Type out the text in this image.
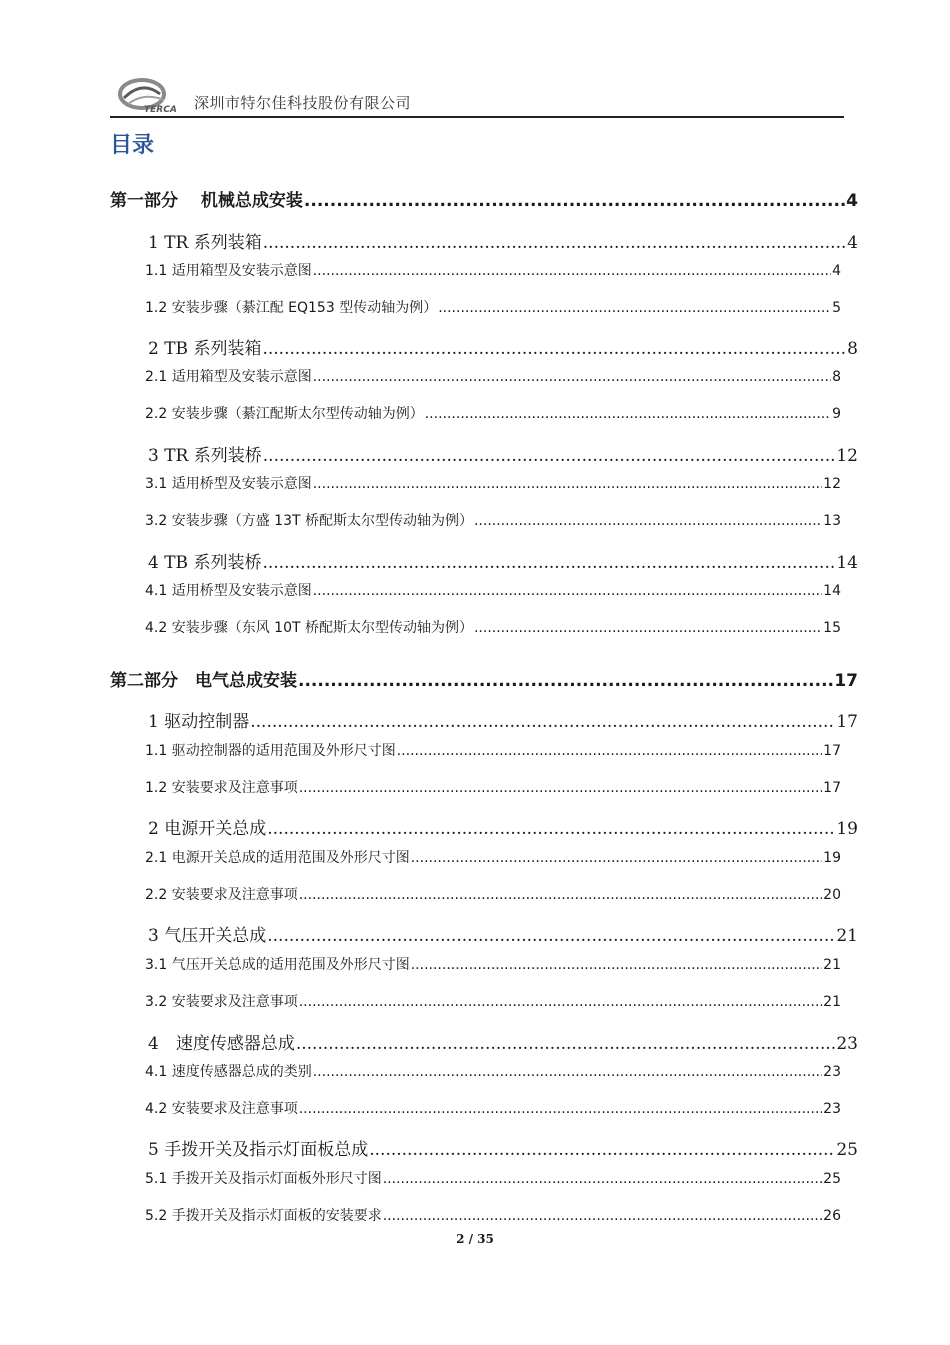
TERCA 深圳市特尔佳科技股份有限公司
目录
第一部分　 机械总成安装 .....	4
1 TR 系列装箱 .....	4
1.1 适用箱型及安装示意图 .....	4
1.2 安装步骤（綦江配 EQ153 型传动轴为例） .....	5
2 TB 系列装箱 .....	8
2.1 适用箱型及安装示意图 .....	8
2.2 安装步骤（綦江配斯太尔型传动轴为例） .....	9
3 TR 系列装桥 .....	12
3.1 适用桥型及安装示意图 .....	12
3.2 安装步骤（方盛 13T 桥配斯太尔型传动轴为例） .....	13
4 TB 系列装桥 .....	14
4.1 适用桥型及安装示意图 .....	14
4.2 安装步骤（东风 10T 桥配斯太尔型传动轴为例） .....	15
第二部分　电气总成安装 .....	17
1 驱动控制器 .....	17
1.1 驱动控制器的适用范围及外形尺寸图 .....	17
1.2 安装要求及注意事项 .....	17
2 电源开关总成 .....	19
2.1 电源开关总成的适用范围及外形尺寸图 .....	19
2.2 安装要求及注意事项 .....	20
3 气压开关总成 .....	21
3.1 气压开关总成的适用范围及外形尺寸图 .....	21
3.2 安装要求及注意事项 .....	21
4　速度传感器总成 .....	23
4.1 速度传感器总成的类别 .....	23
4.2 安装要求及注意事项 .....	23
5 手拨开关及指示灯面板总成 .....	25
5.1 手拨开关及指示灯面板外形尺寸图 .....	25
5.2 手拨开关及指示灯面板的安装要求 .....	26
2 / 35
